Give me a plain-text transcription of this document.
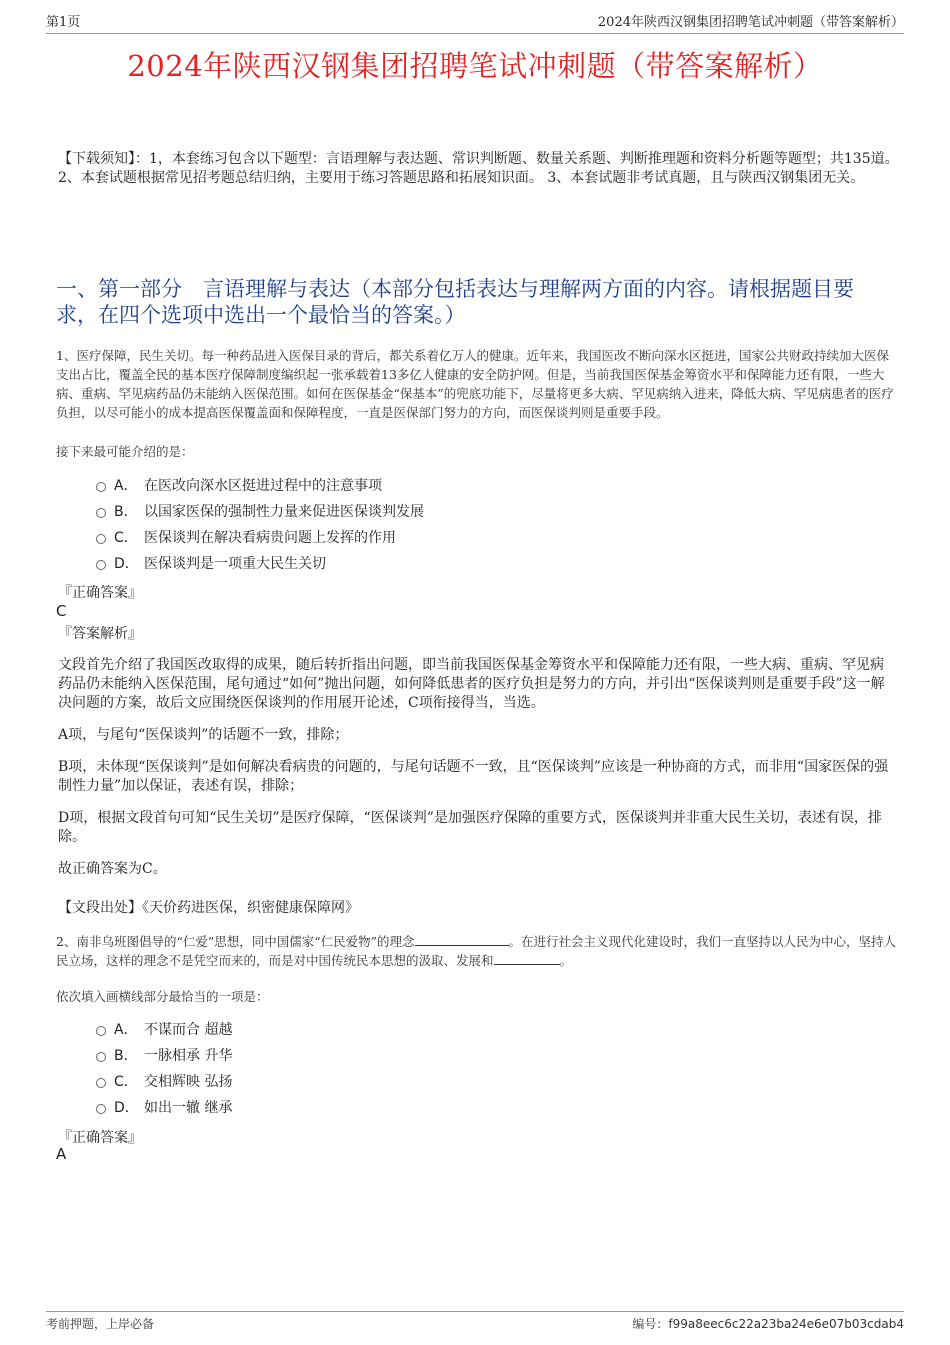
第1页	2024年陕西汉钢集团招聘笔试冲刺题（带答案解析）
2024年陕西汉钢集团招聘笔试冲刺题（带答案解析）
【下载须知】：1，本套练习包含以下题型：言语理解与表达题、常识判断题、数量关系题、判断推理题和资料分析题等题型；共135道。 2、本套试题根据常见招考题总结归纳，主要用于练习答题思路和拓展知识面。 3、本套试题非考试真题，且与陕西汉钢集团无关。
一、第一部分　言语理解与表达（本部分包括表达与理解两方面的内容。请根据题目要求，在四个选项中选出一个最恰当的答案。）
1、医疗保障，民生关切。每一种药品进入医保目录的背后，都关系着亿万人的健康。近年来，我国医改不断向深水区挺进，国家公共财政持续加大医保支出占比，覆盖全民的基本医疗保障制度编织起一张承载着13多亿人健康的安全防护网。但是，当前我国医保基金筹资水平和保障能力还有限，一些大病、重病、罕见病药品仍未能纳入医保范围。如何在医保基金“保基本”的兜底功能下，尽量将更多大病、罕见病纳入进来，降低大病、罕见病患者的医疗负担，以尽可能小的成本提高医保覆盖面和保障程度，一直是医保部门努力的方向，而医保谈判则是重要手段。
接下来最可能介绍的是：
A． 在医改向深水区挺进过程中的注意事项
B． 以国家医保的强制性力量来促进医保谈判发展
C． 医保谈判在解决看病贵问题上发挥的作用
D． 医保谈判是一项重大民生关切
『正确答案』
C
『答案解析』

文段首先介绍了我国医改取得的成果，随后转折指出问题，即当前我国医保基金筹资水平和保障能力还有限，一些大病、重病、罕见病药品仍未能纳入医保范围，尾句通过“如何”抛出问题，如何降低患者的医疗负担是努力的方向，并引出“医保谈判则是重要手段”这一解决问题的方案，故后文应围绕医保谈判的作用展开论述，C项衔接得当，当选。

A项，与尾句“医保谈判”的话题不一致，排除；

B项，未体现“医保谈判”是如何解决看病贵的问题的，与尾句话题不一致，且“医保谈判”应该是一种协商的方式，而非用“国家医保的强制性力量”加以保证，表述有误，排除；

D项，根据文段首句可知“民生关切”是医疗保障，“医保谈判”是加强医疗保障的重要方式，医保谈判并非重大民生关切，表述有误，排除。

故正确答案为C。

【文段出处】《天价药进医保，织密健康保障网》
2、南非乌班图倡导的“仁爱”思想，同中国儒家“仁民爱物”的理念	。在进行社会主义现代化建设时，我们一直坚持以人民为中心，坚持人民立场，这样的理念不是凭空而来的，而是对中国传统民本思想的汲取、发展和	。
依次填入画横线部分最恰当的一项是：
A． 不谋而合 超越
B． 一脉相承 升华
C． 交相辉映 弘扬
D． 如出一辙 继承
『正确答案』
A
考前押题，上岸必备	编号：f99a8eec6c22a23ba24e6e07b03cdab4
